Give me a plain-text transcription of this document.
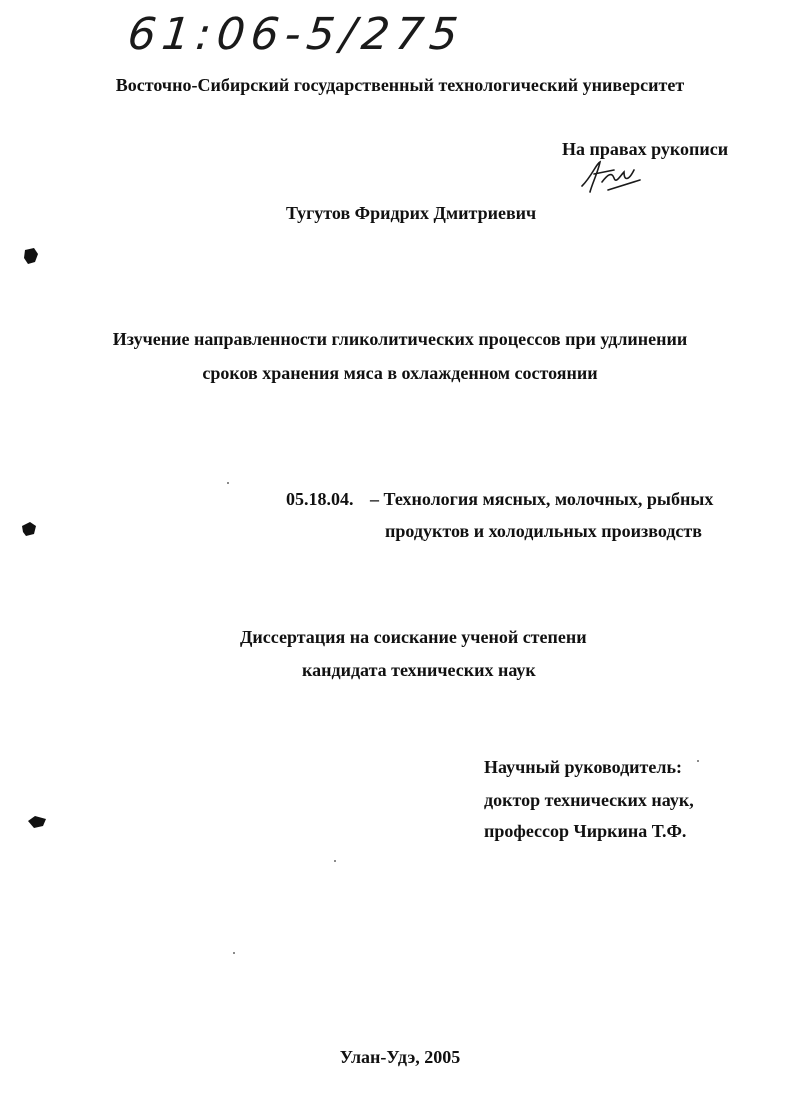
61:06-5/275
Восточно-Сибирский государственный технологический университет
На правах рукописи
Тугутов Фридрих Дмитриевич
Изучение направленности гликолитических процессов при удлинении
сроков хранения мяса в охлажденном состоянии
05.18.04. – Технология мясных, молочных, рыбных
продуктов и холодильных производств
Диссертация на соискание ученой степени
кандидата технических наук
Научный руководитель:
доктор технических наук,
профессор Чиркина Т.Ф.
Улан-Удэ, 2005
